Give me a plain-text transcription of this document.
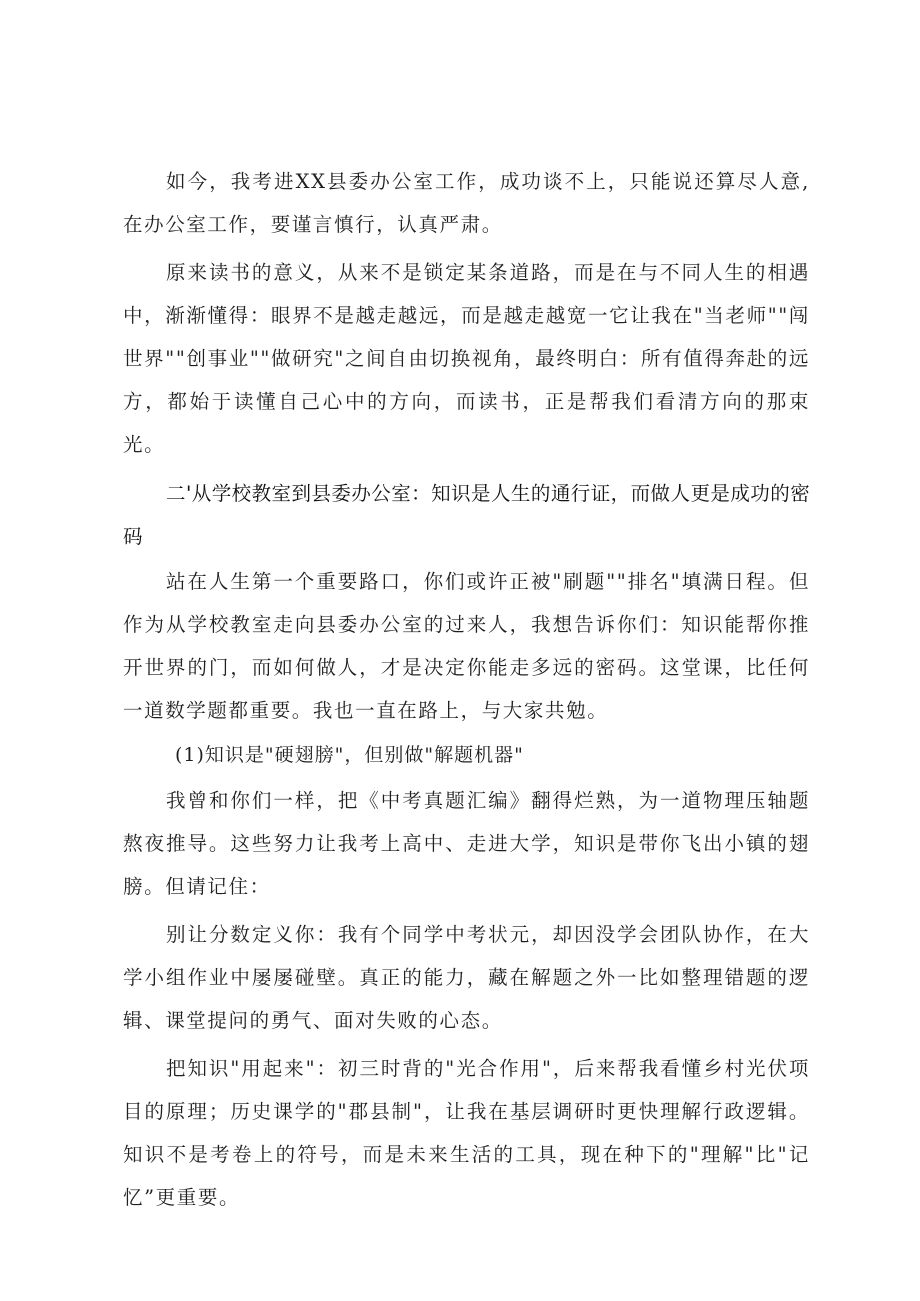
如今，我考进XX县委办公室工作，成功谈不上，只能说还算尽人意,在办公室工作，要谨言慎行，认真严肃。

原来读书的意义，从来不是锁定某条道路，而是在与不同人生的相遇中，渐渐懂得：眼界不是越走越远，而是越走越宽一它让我在"当老师""闯世界""创事业""做研究"之间自由切换视角，最终明白：所有值得奔赴的远方，都始于读懂自己心中的方向，而读书，正是帮我们看清方向的那束光。

二'从学校教室到县委办公室：知识是人生的通行证，而做人更是成功的密码

站在人生第一个重要路口，你们或许正被"刷题""排名"填满日程。但作为从学校教室走向县委办公室的过来人，我想告诉你们：知识能帮你推开世界的门，而如何做人，才是决定你能走多远的密码。这堂课，比任何一道数学题都重要。我也一直在路上，与大家共勉。

(1)知识是"硬翅膀"，但别做"解题机器"

我曾和你们一样，把《中考真题汇编》翻得烂熟，为一道物理压轴题熬夜推导。这些努力让我考上高中、走进大学，知识是带你飞出小镇的翅膀。但请记住：

别让分数定义你：我有个同学中考状元，却因没学会团队协作，在大学小组作业中屡屡碰壁。真正的能力，藏在解题之外一比如整理错题的逻辑、课堂提问的勇气、面对失败的心态。

把知识"用起来"：初三时背的"光合作用"，后来帮我看懂乡村光伏项目的原理；历史课学的"郡县制"，让我在基层调研时更快理解行政逻辑。知识不是考卷上的符号，而是未来生活的工具，现在种下的"理解"比"记忆”更重要。
